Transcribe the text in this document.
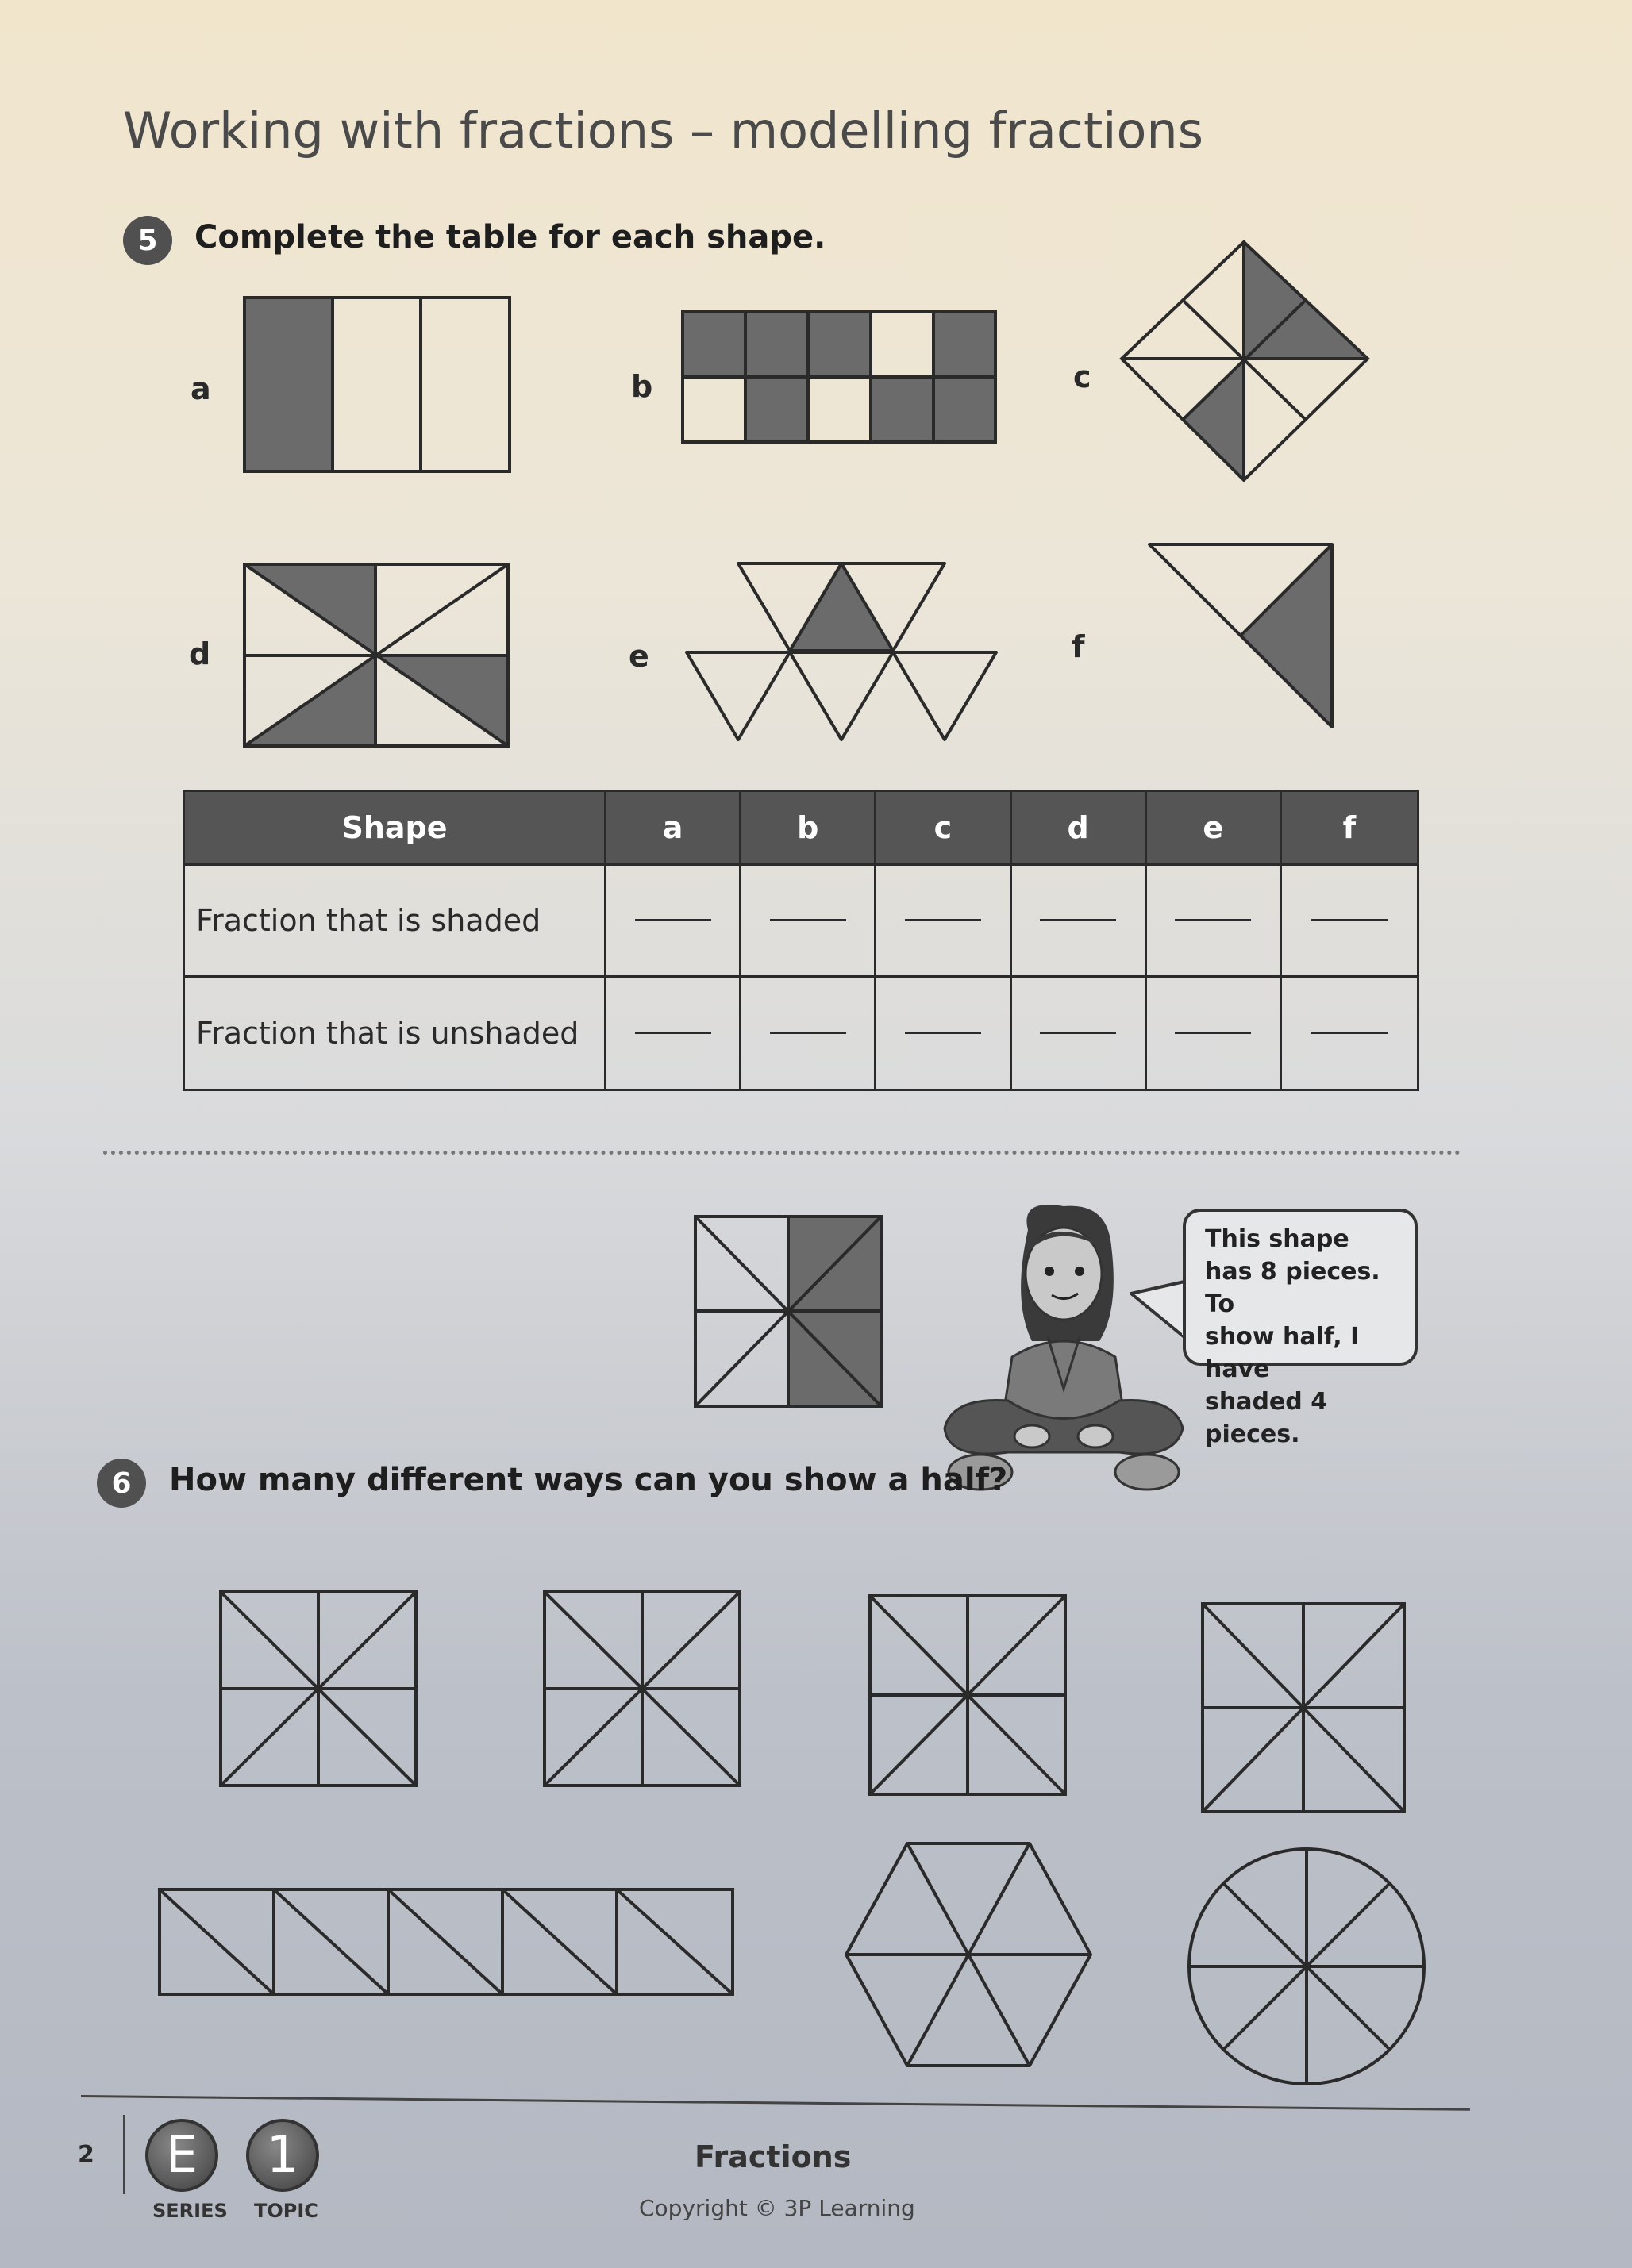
Working with fractions – modelling fractions
5	Complete the table for each shape.
a	b	c
d	e	f
Shape	a	b	c	d	e	f
Fraction that is shaded
Fraction that is unshaded
This shape
has 8 pieces. To
show half, I have
shaded 4 pieces.
6	How many different ways can you show a half?
2	E
SERIES
1
TOPIC
Fractions
Copyright © 3P Learning
